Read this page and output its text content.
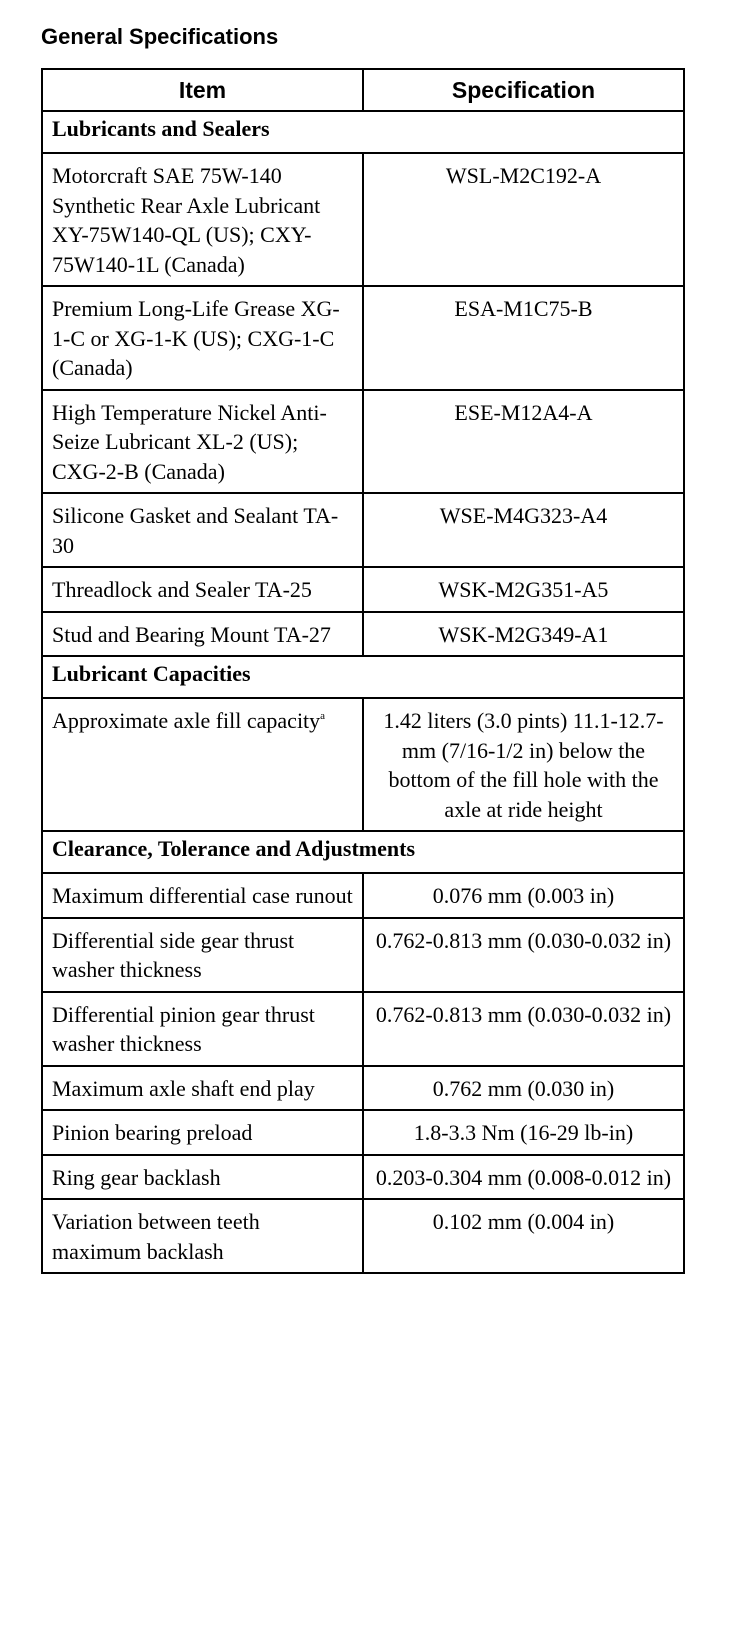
General Specifications
Item	Specification
Lubricants and Sealers	
Motorcraft SAE 75W-140 Synthetic Rear Axle Lubricant XY-75W140-QL (US); CXY-75W140-1L (Canada)	WSL-M2C192-A
Premium Long-Life Grease XG-1-C or XG-1-K (US); CXG-1-C (Canada)	ESA-M1C75-B
High Temperature Nickel Anti-Seize Lubricant XL-2 (US); CXG-2-B (Canada)	ESE-M12A4-A
Silicone Gasket and Sealant TA-30	WSE-M4G323-A4
Threadlock and Sealer TA-25	WSK-M2G351-A5
Stud and Bearing Mount TA-27	WSK-M2G349-A1
Lubricant Capacities	
Approximate axle fill capacity$^a$	1.42 liters (3.0 pints) 11.1-12.7-mm (7/16-1/2 in) below the bottom of the fill hole with the axle at ride height
Clearance, Tolerance and Adjustments	
Maximum differential case runout	0.076 mm (0.003 in)
Differential side gear thrust washer thickness	0.762-0.813 mm (0.030-0.032 in)
Differential pinion gear thrust washer thickness	0.762-0.813 mm (0.030-0.032 in)
Maximum axle shaft end play	0.762 mm (0.030 in)
Pinion bearing preload	1.8-3.3 Nm (16-29 lb-in)
Ring gear backlash	0.203-0.304 mm (0.008-0.012 in)
Variation between teeth maximum backlash	0.102 mm (0.004 in)
